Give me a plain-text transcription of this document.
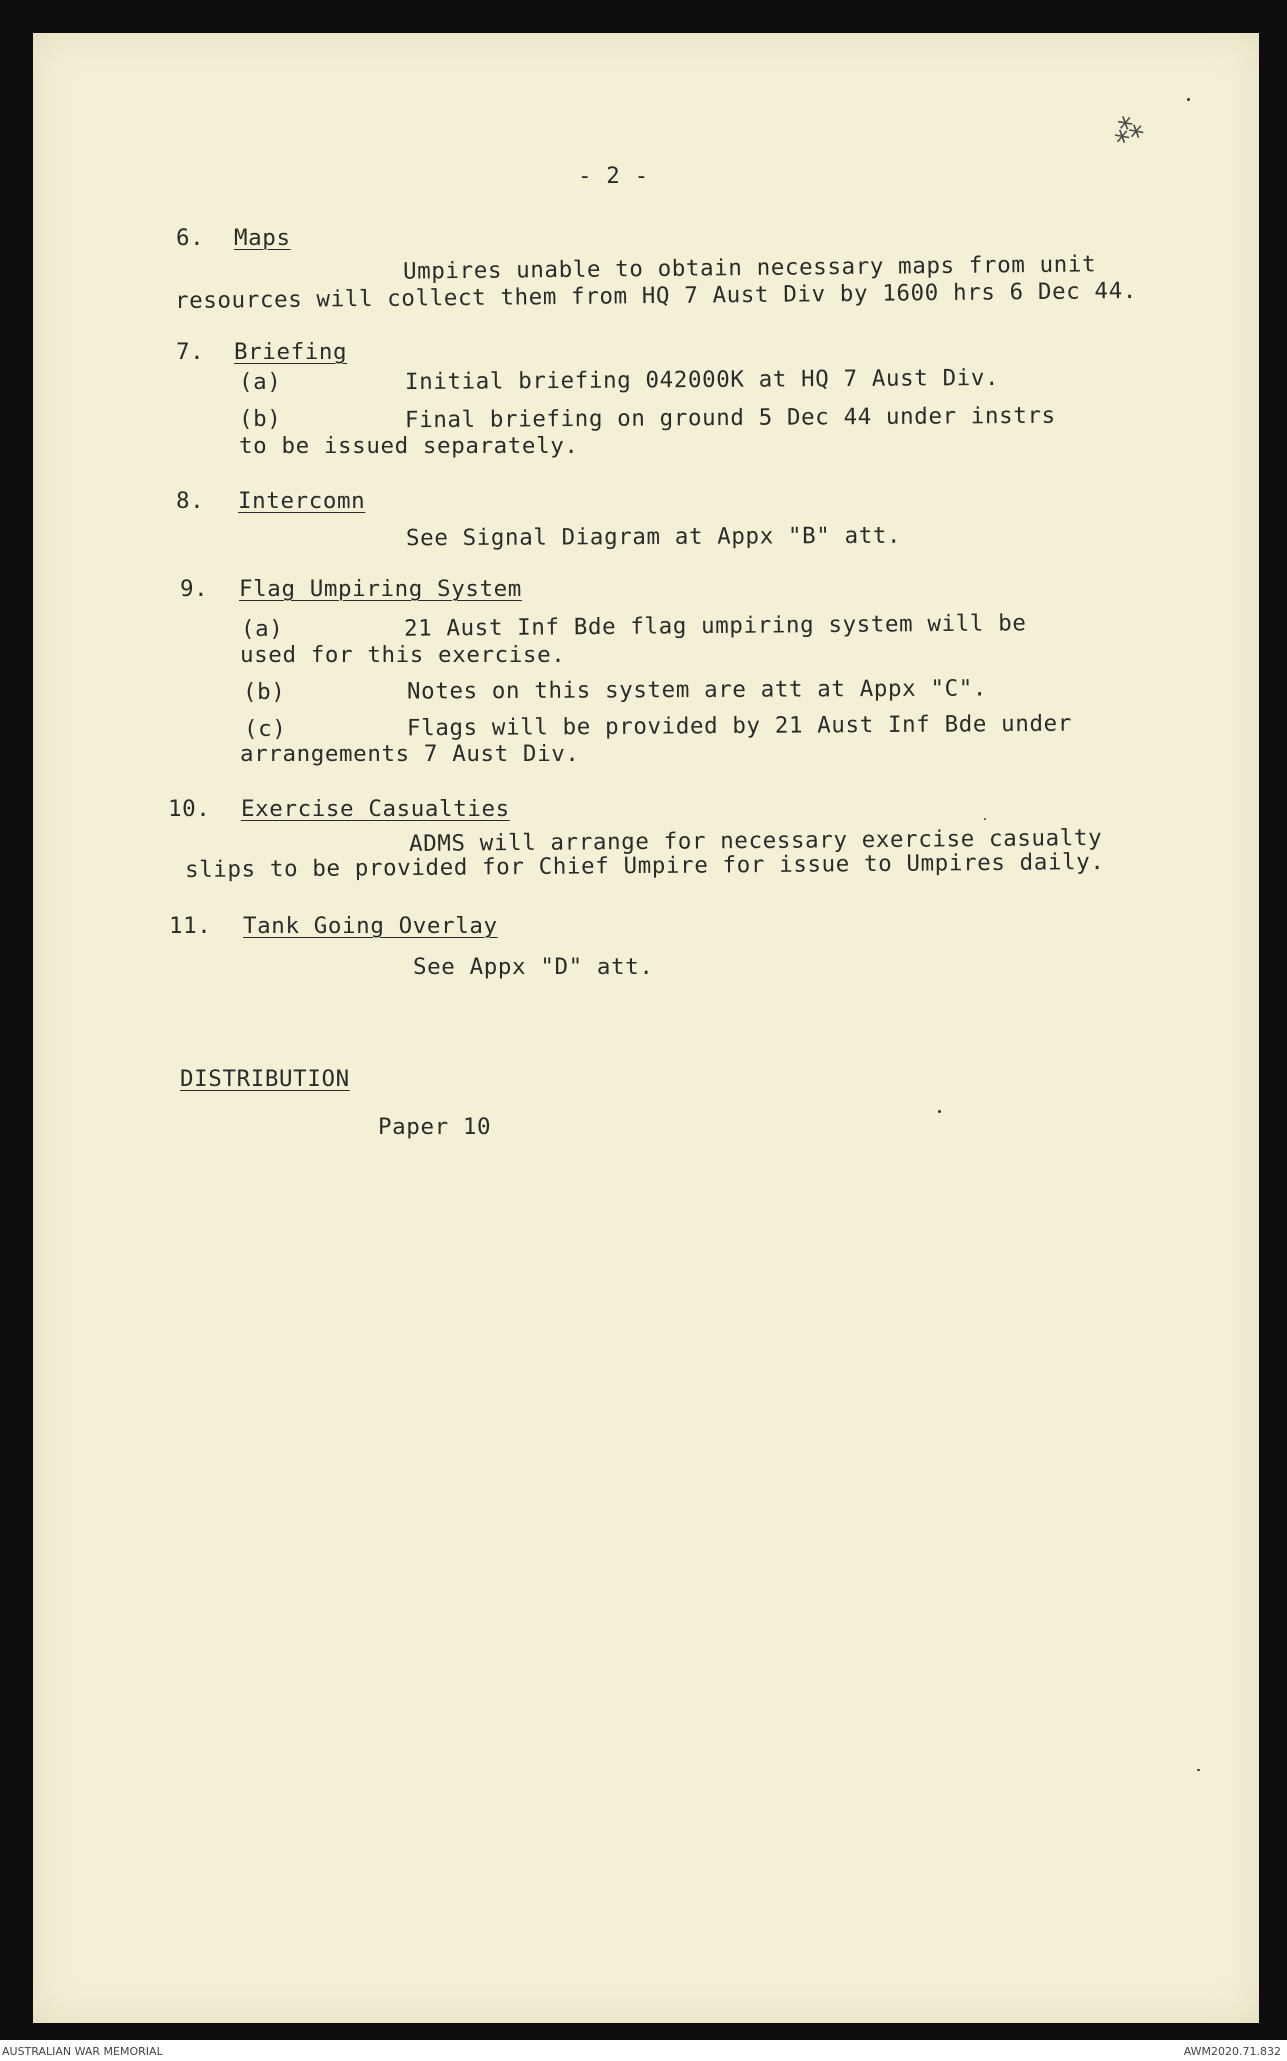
- 2 -
⁂
6. Maps
Umpires unable to obtain necessary maps from unit
resources will collect them from HQ 7 Aust Div by 1600 hrs 6 Dec 44.
7. Briefing
(a)	Initial briefing 042000K at HQ 7 Aust Div.
(b)	Final briefing on ground 5 Dec 44 under instrs
to be issued separately.
8. Intercomn
See Signal Diagram at Appx "B" att.
9. Flag Umpiring System
(a)	21 Aust Inf Bde flag umpiring system will be
used for this exercise.
(b)	Notes on this system are att at Appx "C".
(c)	Flags will be provided by 21 Aust Inf Bde under
arrangements 7 Aust Div.
10. Exercise Casualties
ADMS will arrange for necessary exercise casualty
slips to be provided for Chief Umpire for issue to Umpires daily.
11. Tank Going Overlay
See Appx "D" att.
DISTRIBUTION
Paper 10
AUSTRALIAN WAR MEMORIAL	AWM2020.71.832
